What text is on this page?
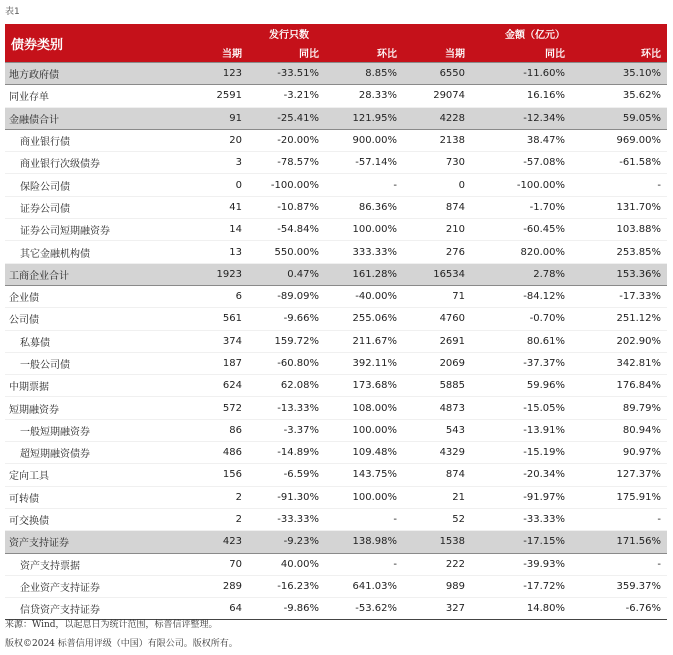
表1
债券类别	发行只数			金额（亿元）		
	当期	同比	环比	当期	同比	环比
地方政府债	123	-33.51%	8.85%	6550	-11.60%	35.10%
同业存单	2591	-3.21%	28.33%	29074	16.16%	35.62%
金融债合计	91	-25.41%	121.95%	4228	-12.34%	59.05%
商业银行债	20	-20.00%	900.00%	2138	38.47%	969.00%
商业银行次级债券	3	-78.57%	-57.14%	730	-57.08%	-61.58%
保险公司债	0	-100.00%	-	0	-100.00%	-
证券公司债	41	-10.87%	86.36%	874	-1.70%	131.70%
证券公司短期融资券	14	-54.84%	100.00%	210	-60.45%	103.88%
其它金融机构债	13	550.00%	333.33%	276	820.00%	253.85%
工商企业合计	1923	0.47%	161.28%	16534	2.78%	153.36%
企业债	6	-89.09%	-40.00%	71	-84.12%	-17.33%
公司债	561	-9.66%	255.06%	4760	-0.70%	251.12%
私募债	374	159.72%	211.67%	2691	80.61%	202.90%
一般公司债	187	-60.80%	392.11%	2069	-37.37%	342.81%
中期票据	624	62.08%	173.68%	5885	59.96%	176.84%
短期融资券	572	-13.33%	108.00%	4873	-15.05%	89.79%
一般短期融资券	86	-3.37%	100.00%	543	-13.91%	80.94%
超短期融资债券	486	-14.89%	109.48%	4329	-15.19%	90.97%
定向工具	156	-6.59%	143.75%	874	-20.34%	127.37%
可转债	2	-91.30%	100.00%	21	-91.97%	175.91%
可交换债	2	-33.33%	-	52	-33.33%	-
资产支持证券	423	-9.23%	138.98%	1538	-17.15%	171.56%
资产支持票据	70	40.00%	-	222	-39.93%	-
企业资产支持证券	289	-16.23%	641.03%	989	-17.72%	359.37%
信贷资产支持证券	64	-9.86%	-53.62%	327	14.80%	-6.76%
来源：Wind，以起息日为统计范围，标普信评整理。
版权©2024 标普信用评级（中国）有限公司。版权所有。
